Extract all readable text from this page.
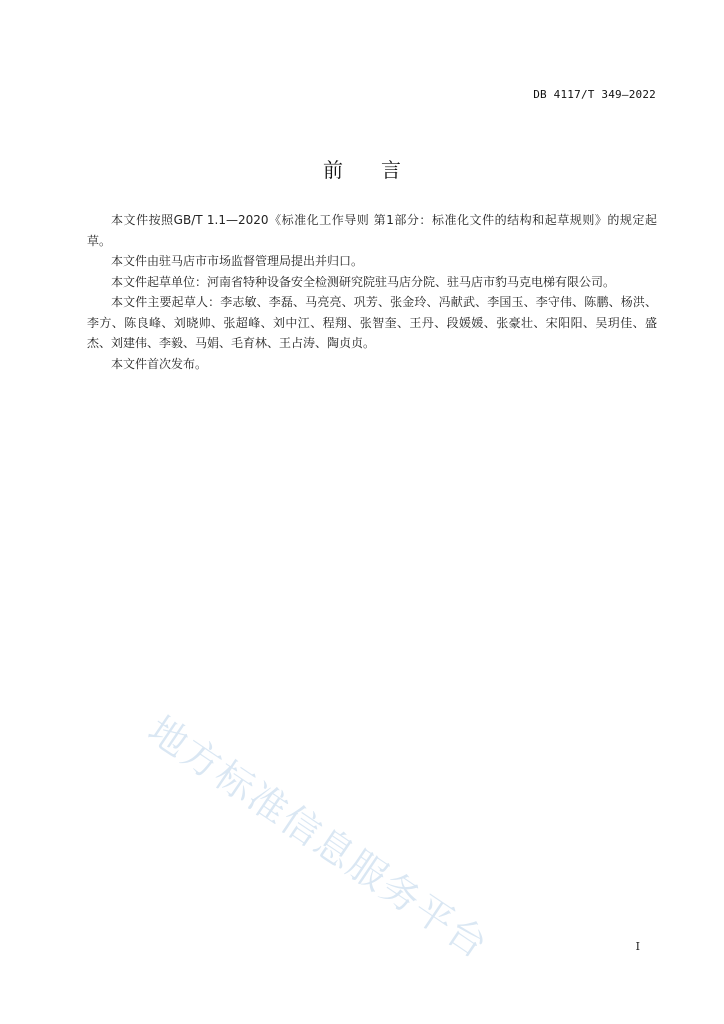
DB 4117/T 349—2022
前言

本文件按照GB/T 1.1—2020《标准化工作导则 第1部分：标准化文件的结构和起草规则》的规定起草。

本文件由驻马店市市场监督管理局提出并归口。

本文件起草单位：河南省特种设备安全检测研究院驻马店分院、驻马店市豹马克电梯有限公司。

本文件主要起草人：李志敏、李磊、马亮亮、巩芳、张金玲、冯献武、李国玉、李守伟、陈鹏、杨洪、李方、陈良峰、刘晓帅、张超峰、刘中江、程翔、张智奎、王丹、段媛媛、张豪壮、宋阳阳、吴玥佳、盛杰、刘建伟、李毅、马娟、毛育林、王占涛、陶贞贞。

本文件首次发布。

地方标准信息服务平台	I
